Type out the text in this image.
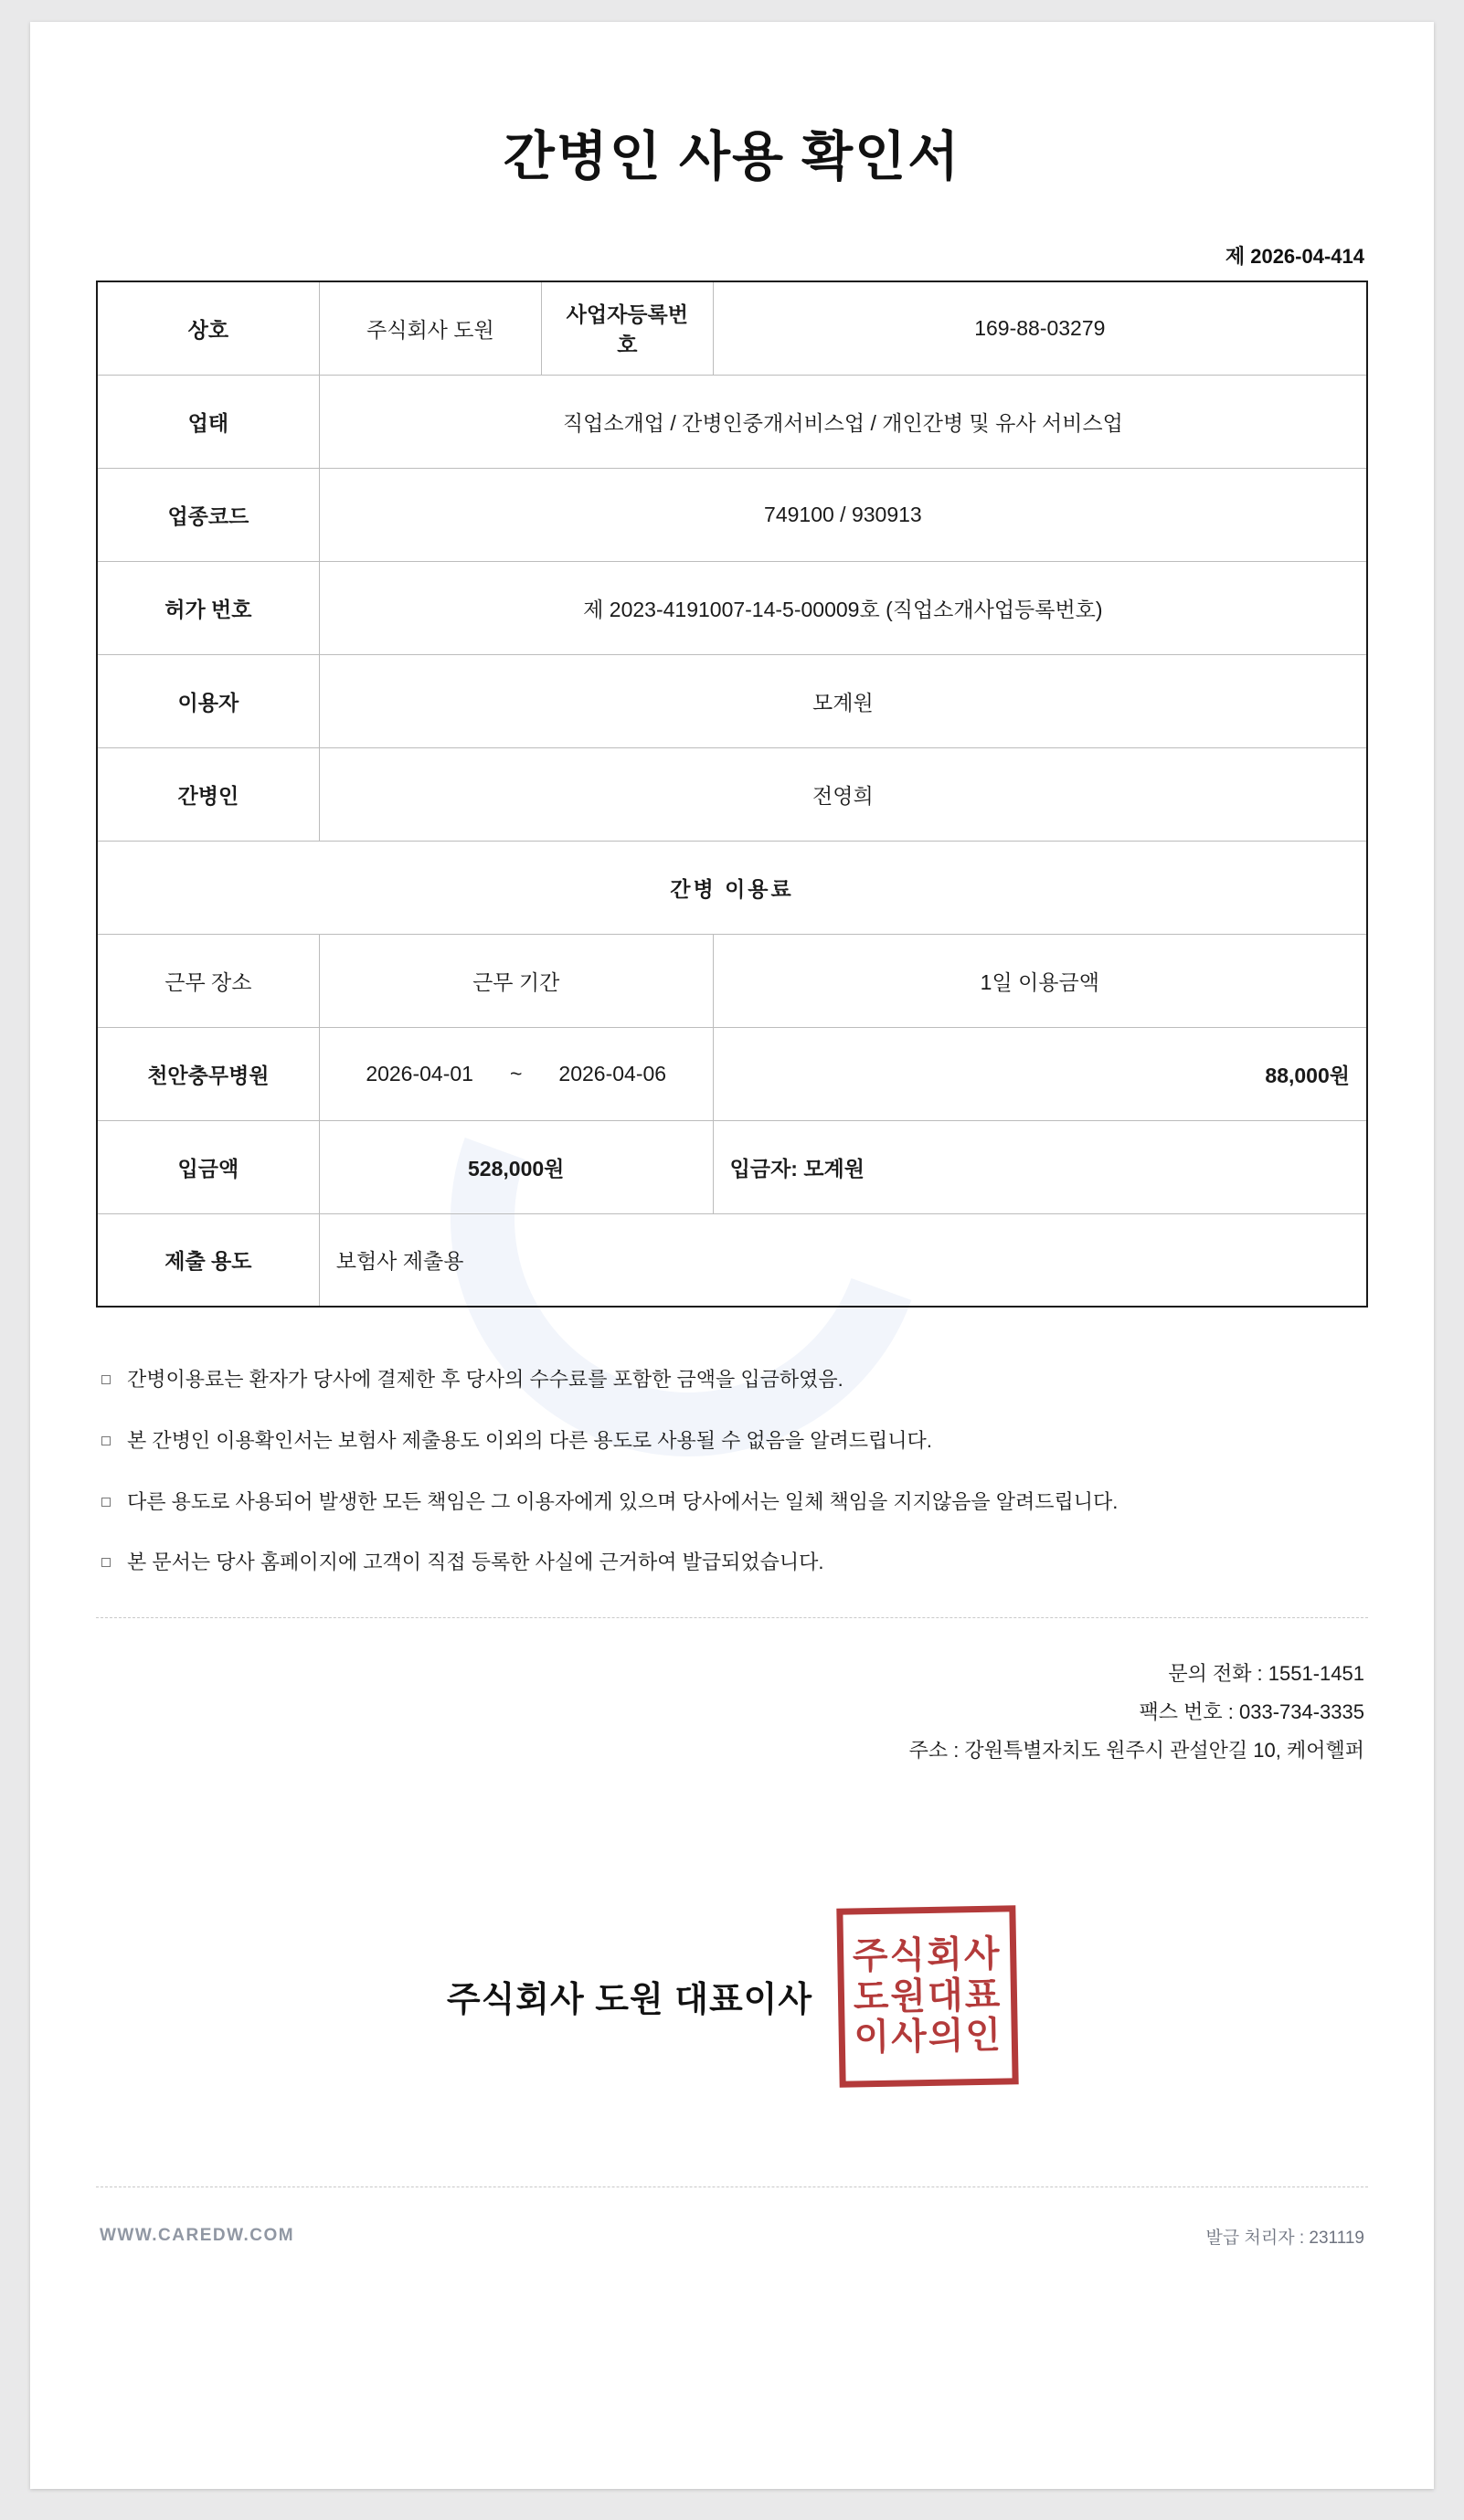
간병인 사용 확인서
제 2026-04-414
상호	주식회사 도원	사업자등록번호	169-88-03279
업태	직업소개업 / 간병인중개서비스업 / 개인간병 및 유사 서비스업		
업종코드	749100 / 930913		
허가 번호	제 2023-4191007-14-5-00009호 (직업소개사업등록번호)		
이용자	모계원		
간병인	전영희		
간병 이용료			
근무 장소	근무 기간		1일 이용금액
천안충무병원	2026-04-01 ~ 2026-04-06		88,000원
입금액	528,000원		입금자: 모계원
제출 용도	보험사 제출용		
간병이용료는 환자가 당사에 결제한 후 당사의 수수료를 포함한 금액을 입금하였음.
본 간병인 이용확인서는 보험사 제출용도 이외의 다른 용도로 사용될 수 없음을 알려드립니다.
다른 용도로 사용되어 발생한 모든 책임은 그 이용자에게 있으며 당사에서는 일체 책임을 지지않음을 알려드립니다.
본 문서는 당사 홈페이지에 고객이 직접 등록한 사실에 근거하여 발급되었습니다.
문의 전화 : 1551-1451
팩스 번호 : 033-734-3335
주소 : 강원특별자치도 원주시 관설안길 10, 케어헬퍼
주식회사 도원 대표이사
주식회사
도원대표
이사의인
WWW.CAREDW.COM	발급 처리자 : 231119
